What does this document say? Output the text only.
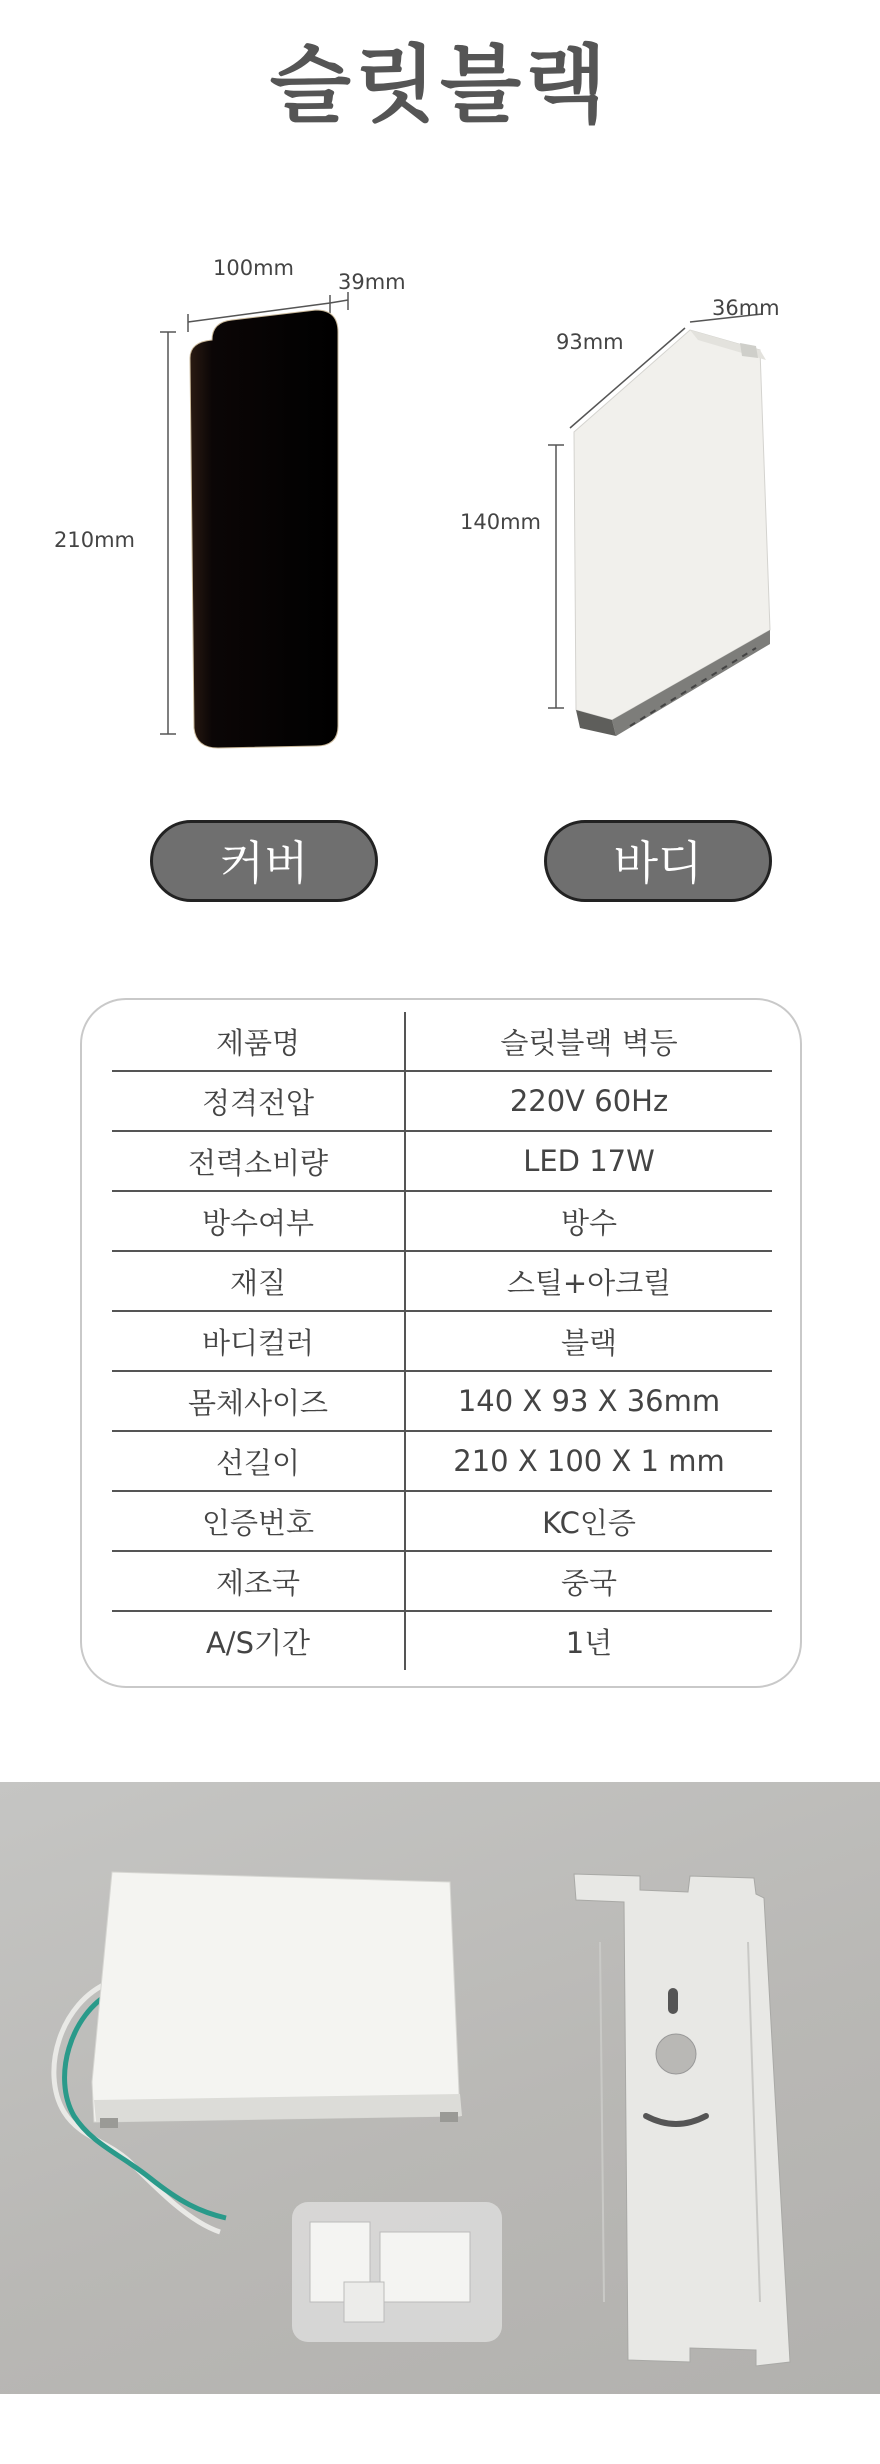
슬릿블랙
100mm
39mm
210mm
93mm
36mm
140mm
커버	바디
제품명	슬릿블랙 벽등
정격전압	220V 60Hz
전력소비량	LED 17W
방수여부	방수
재질	스틸+아크릴
바디컬러	블랙
몸체사이즈	140 X 93 X 36mm
선길이	210 X 100 X 1 mm
인증번호	KC인증
제조국	중국
A/S기간	1년
